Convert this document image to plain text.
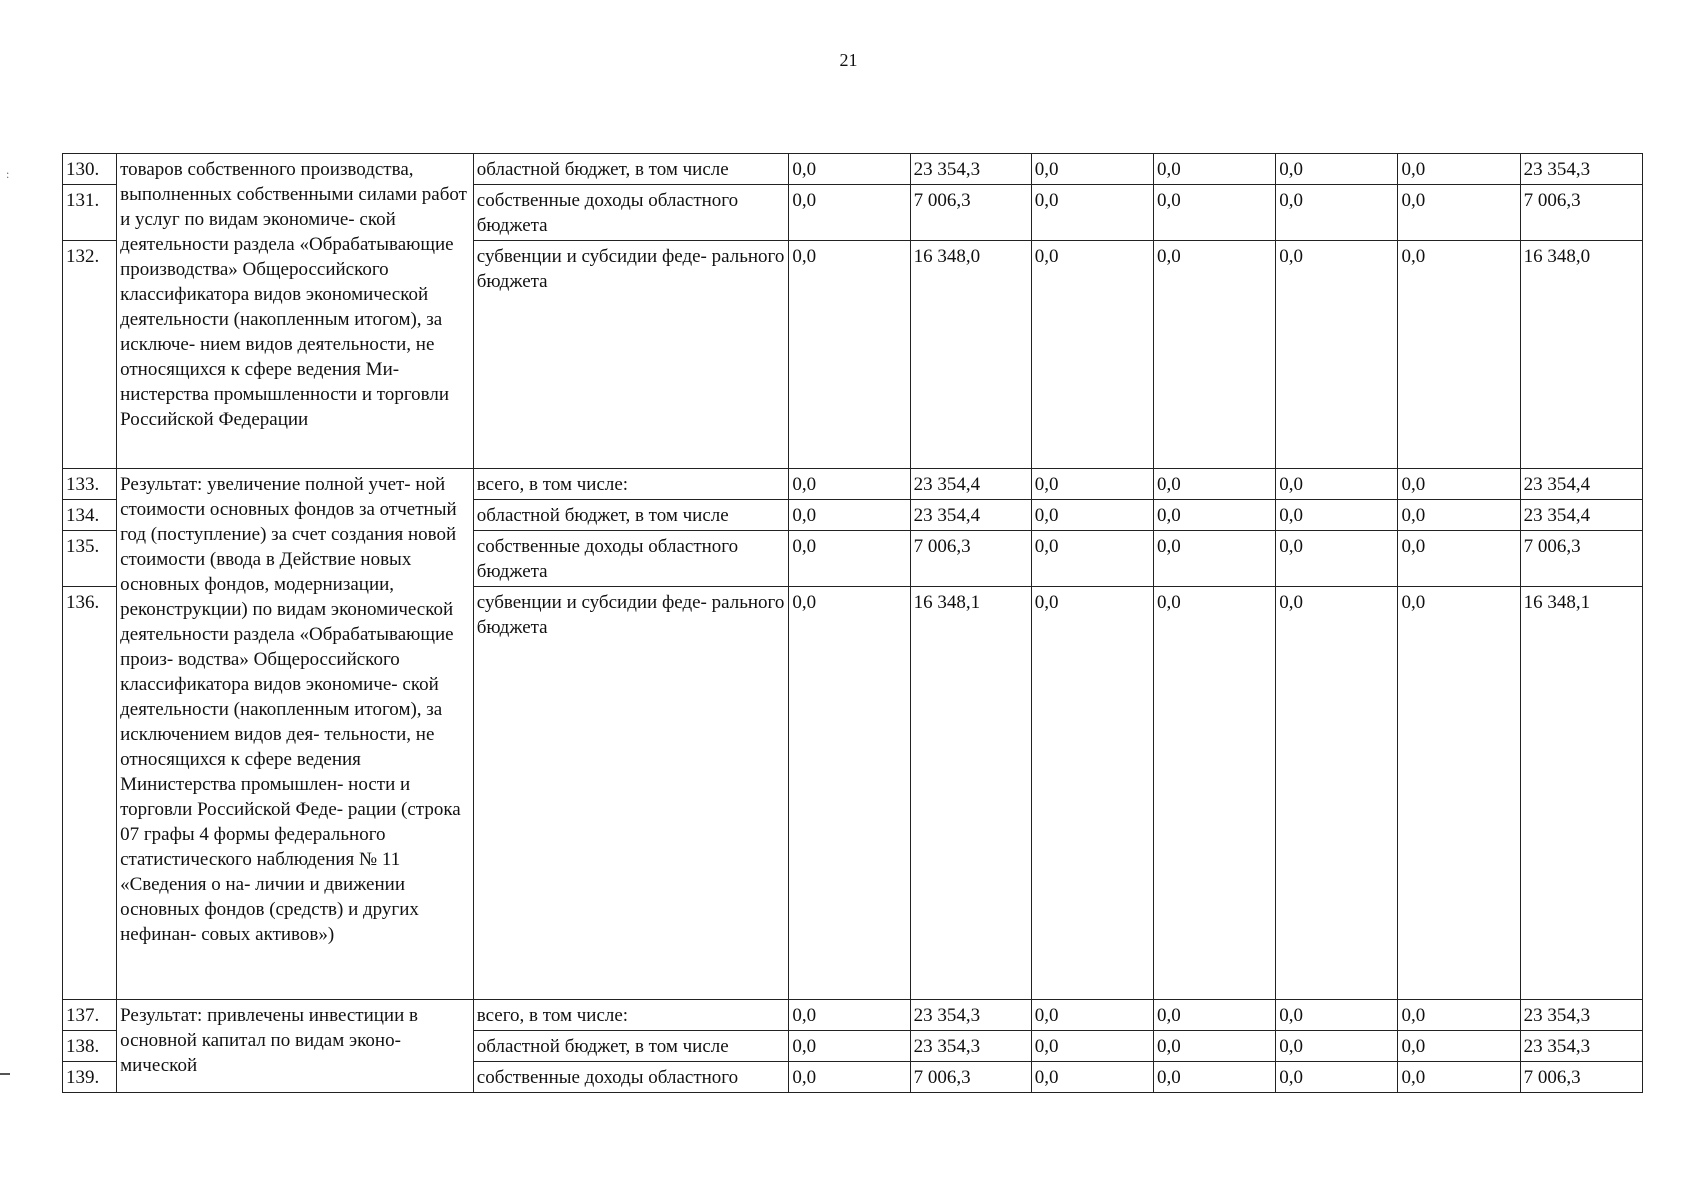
21
:	130.	товаров собственного производства, выполненных собственными силами работ и услуг по видам экономиче- ской деятельности раздела «Обрабатывающие производства» Общероссийского классификатора видов экономической деятельности (накопленным итогом), за исключе- нием видов деятельности, не относящихся к сфере ведения Ми- нистерства промышленности и торговли Российской Федерации	областной бюджет, в том числе	0,0	23 354,3	0,0	0,0	0,0	0,0	23 354,3
131.		собственные доходы областного бюджета	0,0	7 006,3	0,0	0,0	0,0	0,0	7 006,3
132.		субвенции и субсидии феде- рального бюджета	0,0	16 348,0	0,0	0,0	0,0	0,0	16 348,0
133.	Результат: увеличение полной учет- ной стоимости основных фондов за отчетный год (поступление) за счет создания новой стоимости (ввода в Действие новых основных фондов, модернизации, реконструкции) по видам экономической деятельности раздела «Обрабатывающие произ- водства» Общероссийского классификатора видов экономиче- ской деятельности (накопленным итогом), за исключением видов дея- тельности, не относящихся к сфере ведения Министерства промышлен- ности и торговли Российской Феде- рации (строка 07 графы 4 формы федерального статистического наблюдения № 11 «Сведения о на- личии и движении основных фондов (средств) и других нефинан- совых активов»)	всего, в том числе:	0,0	23 354,4	0,0	0,0	0,0	0,0	23 354,4
134.		областной бюджет, в том числе	0,0	23 354,4	0,0	0,0	0,0	0,0	23 354,4
135.		собственные доходы областного бюджета	0,0	7 006,3	0,0	0,0	0,0	0,0	7 006,3
136.		субвенции и субсидии феде- рального бюджета	0,0	16 348,1	0,0	0,0	0,0	0,0	16 348,1
137.	Результат: привлечены инвестиции в основной капитал по видам эконо- мической	всего, в том числе:	0,0	23 354,3	0,0	0,0	0,0	0,0	23 354,3
138.		областной бюджет, в том числе	0,0	23 354,3	0,0	0,0	0,0	0,0	23 354,3
139.		собственные доходы областного	0,0	7 006,3	0,0	0,0	0,0	0,0	7 006,3
